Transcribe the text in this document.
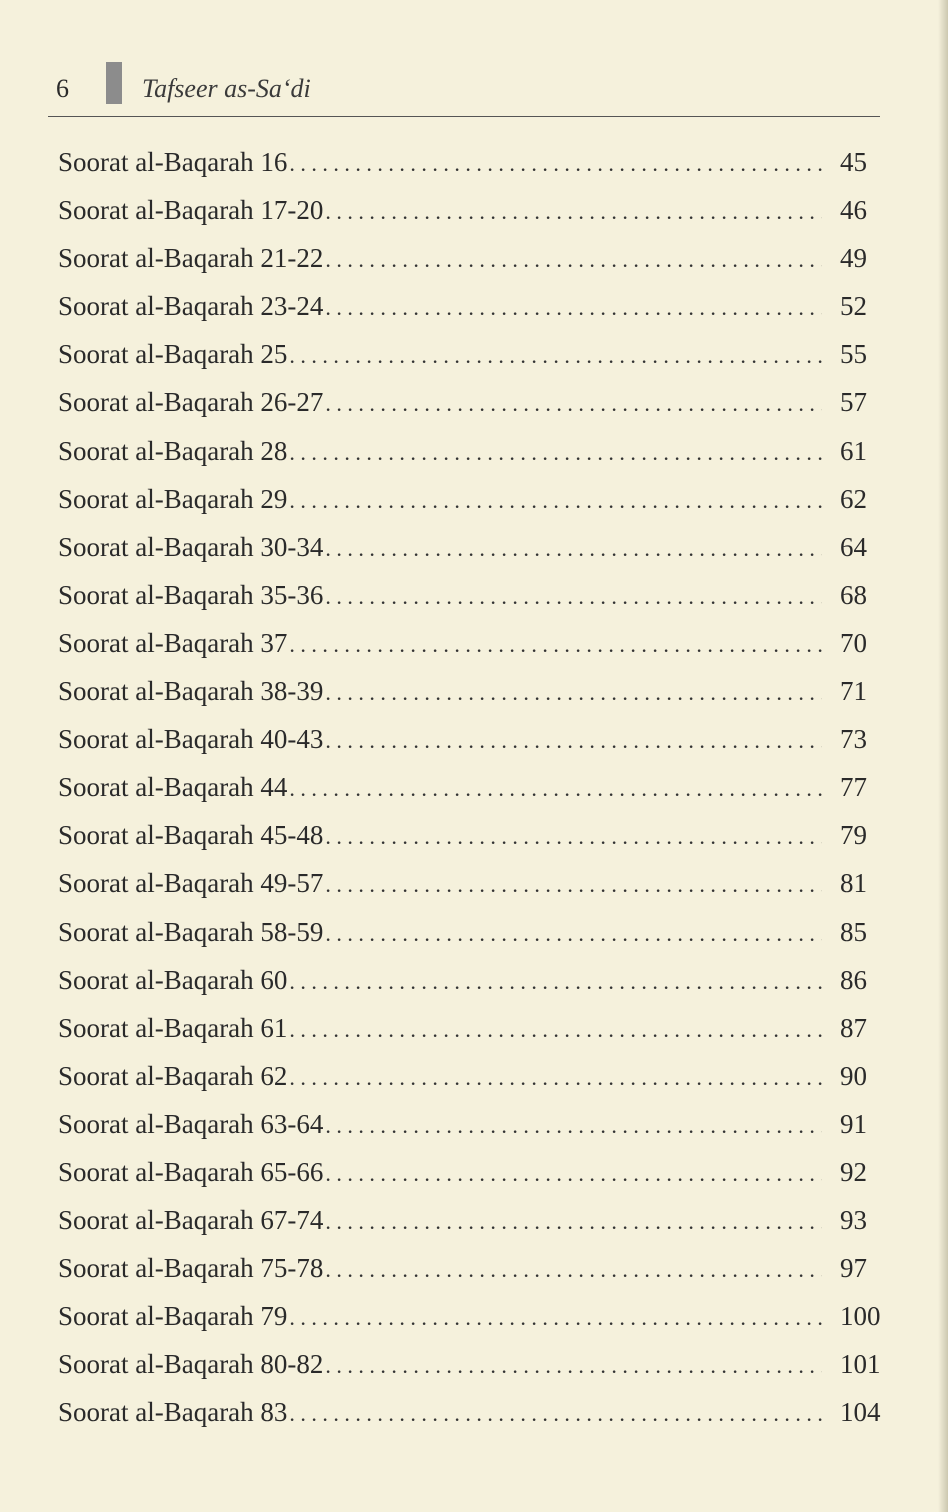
6	Tafseer as-Sa‘di
Soorat al-Baqarah 16 . . .	45
Soorat al-Baqarah 17-20 . . .	46
Soorat al-Baqarah 21-22 . . .	49
Soorat al-Baqarah 23-24 . . .	52
Soorat al-Baqarah 25 . . .	55
Soorat al-Baqarah 26-27 . . .	57
Soorat al-Baqarah 28 . . .	61
Soorat al-Baqarah 29 . . .	62
Soorat al-Baqarah 30-34 . . .	64
Soorat al-Baqarah 35-36 . . .	68
Soorat al-Baqarah 37 . . .	70
Soorat al-Baqarah 38-39 . . .	71
Soorat al-Baqarah 40-43 . . .	73
Soorat al-Baqarah 44 . . .	77
Soorat al-Baqarah 45-48 . . .	79
Soorat al-Baqarah 49-57 . . .	81
Soorat al-Baqarah 58-59 . . .	85
Soorat al-Baqarah 60 . . .	86
Soorat al-Baqarah 61 . . .	87
Soorat al-Baqarah 62 . . .	90
Soorat al-Baqarah 63-64 . . .	91
Soorat al-Baqarah 65-66 . . .	92
Soorat al-Baqarah 67-74 . . .	93
Soorat al-Baqarah 75-78 . . .	97
Soorat al-Baqarah 79 . . .	100
Soorat al-Baqarah 80-82 . . .	101
Soorat al-Baqarah 83 . . .	104
